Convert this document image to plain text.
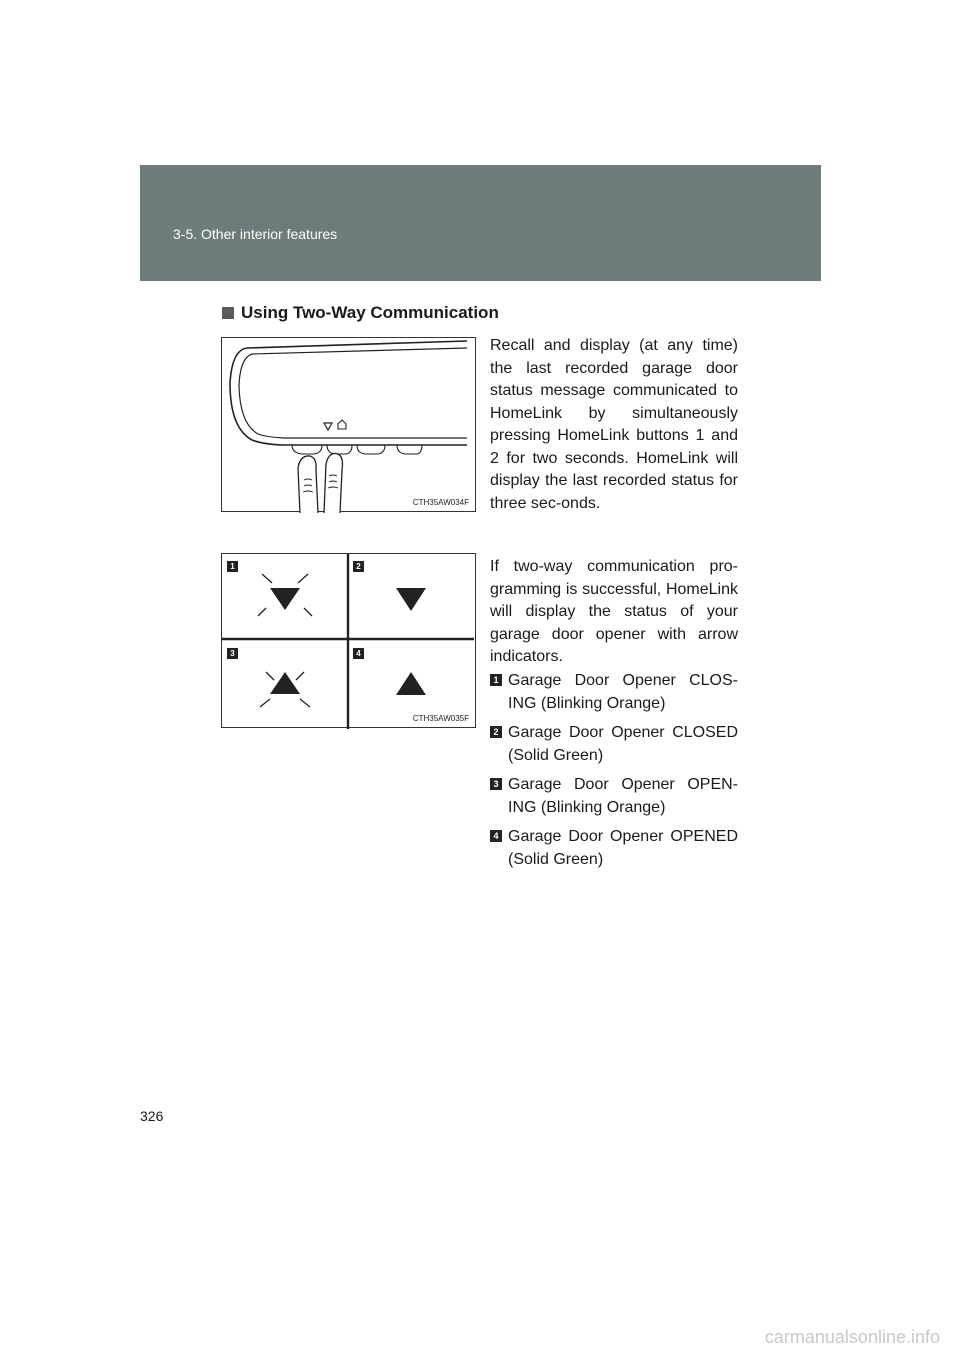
3-5. Other interior features
Using Two-Way Communication
CTH35AW034F
1	2
3	4
CTH35AW035F
Recall and display (at any time) the last recorded garage door status message communicated to HomeLink by simultaneously pressing HomeLink buttons 1 and 2 for two seconds. HomeLink will display the last recorded status for three sec-onds.
If two-way communication pro-gramming is successful, HomeLink will display the status of your garage door opener with arrow indicators.
1 Garage Door Opener CLOS-ING (Blinking Orange)
2 Garage Door Opener CLOSED (Solid Green)
3 Garage Door Opener OPEN-ING (Blinking Orange)
4 Garage Door Opener OPENED (Solid Green)
326
carmanualsonline.info
